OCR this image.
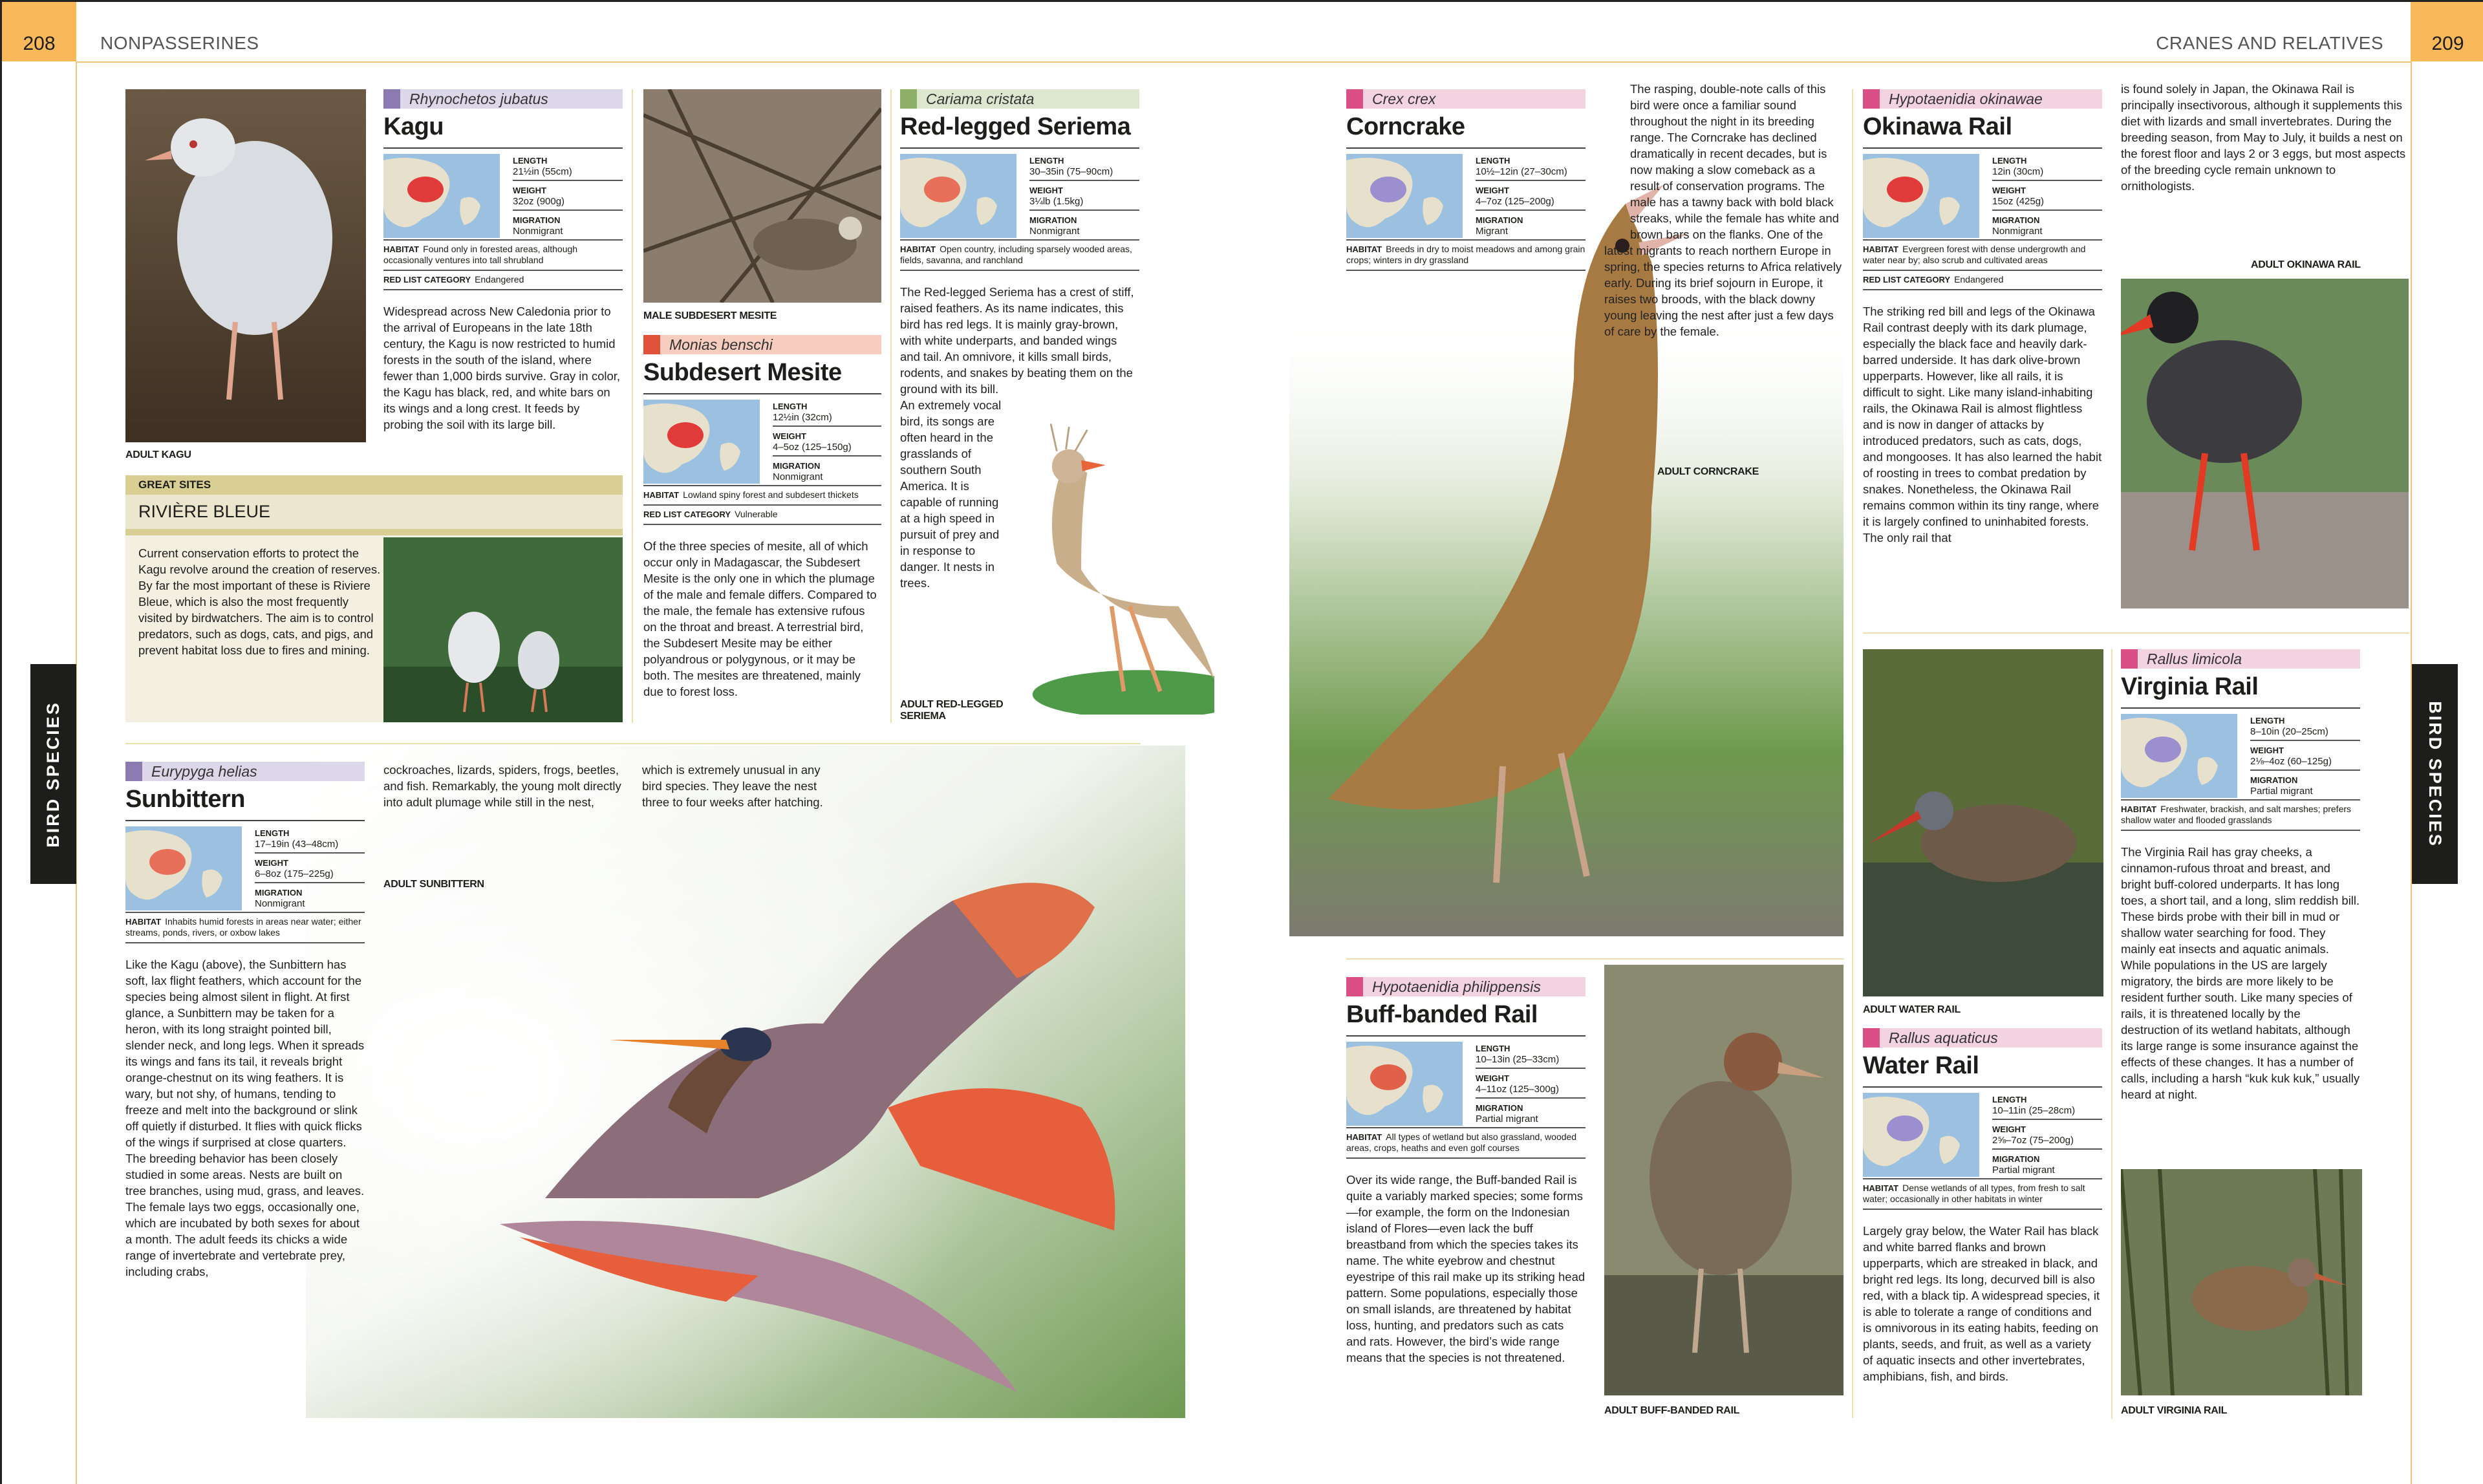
208	NONPASSERINES	209
CRANES AND RELATIVES
BIRD SPECIES	BIRD SPECIES
ADULT KAGU
MALE SUBDESERT MESITE
ADULT RED-LEGGED SERIEMA
GREAT SITES
RIVIÈRE BLEUE
Current conservation efforts to protect the Kagu revolve around the creation of reserves. By far the most important of these is Riviere Bleue, which is also the most frequently visited by birdwatchers. The aim is to control predators, such as dogs, cats, and pigs, and prevent habitat loss due to fires and mining.
ADULT SUNBITTERN
cockroaches, lizards, spiders, frogs, beetles, and fish. Remarkably, the young molt directly into adult plumage while still in the nest,
which is extremely unusual in any bird species. They leave the nest three to four weeks after hatching.
ADULT CORNCRAKE
The rasping, double-note calls of this bird were once a familiar sound throughout the night in its breeding range. The Corncrake has declined dramatically in recent decades, but is now making a slow comeback as a result of conservation programs. The male has a tawny back with bold black streaks, while the female has white and brown bars on the flanks. One of the latest migrants to reach northern Europe in spring, the species returns to Africa relatively early. During its brief sojourn in Europe, it raises two broods, with the black downy young leaving the nest after just a few days of care by the female.
ADULT OKINAWA RAIL
is found solely in Japan, the Okinawa Rail is principally insectivorous, although it supplements this diet with lizards and small invertebrates. During the breeding season, from May to July, it builds a nest on the forest floor and lays 2 or 3 eggs, but most aspects of the breeding cycle remain unknown to ornithologists.
ADULT WATER RAIL
ADULT BUFF-BANDED RAIL	ADULT VIRGINIA RAIL
Rhynochetos jubatus
Kagu
LENGTH
21½in (55cm)
WEIGHT
32oz (900g)
MIGRATION
Nonmigrant
HABITAT Found only in forested areas, although occasionally ventures into tall shrubland
RED LIST CATEGORY Endangered
Widespread across New Caledonia prior to the arrival of Europeans in the late 18th century, the Kagu is now restricted to humid forests in the south of the island, where fewer than 1,000 birds survive. Gray in color, the Kagu has black, red, and white bars on its wings and a long crest. It feeds by probing the soil with its large bill.
Monias benschi
Subdesert Mesite
LENGTH
12½in (32cm)
WEIGHT
4–5oz (125–150g)
MIGRATION
Nonmigrant
HABITAT Lowland spiny forest and subdesert thickets
RED LIST CATEGORY Vulnerable
Of the three species of mesite, all of which occur only in Madagascar, the Subdesert Mesite is the only one in which the plumage of the male and female differs. Compared to the male, the female has extensive rufous on the throat and breast. A terrestrial bird, the Subdesert Mesite may be either polyandrous or polygynous, or it may be both. The mesites are threatened, mainly due to forest loss.
Cariama cristata
Red-legged Seriema
LENGTH
30–35in (75–90cm)
WEIGHT
3¼lb (1.5kg)
MIGRATION
Nonmigrant
HABITAT Open country, including sparsely wooded areas, fields, savanna, and ranchland
The Red-legged Seriema has a crest of stiff, raised feathers. As its name indicates, this bird has red legs. It is mainly gray-brown, with white underparts, and banded wings and tail. An omnivore, it kills small birds, rodents, and snakes by beating them on the ground with its bill. An extremely vocal bird, its songs are often heard in the grasslands of southern South America. It is capable of running at a high speed in pursuit of prey and in response to danger. It nests in trees.
Eurypyga helias
Sunbittern
LENGTH
17–19in (43–48cm)
WEIGHT
6–8oz (175–225g)
MIGRATION
Nonmigrant
HABITAT Inhabits humid forests in areas near water; either streams, ponds, rivers, or oxbow lakes
Like the Kagu (above), the Sunbittern has soft, lax flight feathers, which account for the species being almost silent in flight. At first glance, a Sunbittern may be taken for a heron, with its long straight pointed bill, slender neck, and long legs. When it spreads its wings and fans its tail, it reveals bright orange-chestnut on its wing feathers. It is wary, but not shy, of humans, tending to freeze and melt into the background or slink off quietly if disturbed. It flies with quick flicks of the wings if surprised at close quarters. The breeding behavior has been closely studied in some areas. Nests are built on tree branches, using mud, grass, and leaves. The female lays two eggs, occasionally one, which are incubated by both sexes for about a month. The adult feeds its chicks a wide range of invertebrate and vertebrate prey, including crabs,
Crex crex
Corncrake
LENGTH
10½–12in (27–30cm)
WEIGHT
4–7oz (125–200g)
MIGRATION
Migrant
HABITAT Breeds in dry to moist meadows and among grain crops; winters in dry grassland
Hypotaenidia okinawae
Okinawa Rail
LENGTH
12in (30cm)
WEIGHT
15oz (425g)
MIGRATION
Nonmigrant
HABITAT Evergreen forest with dense undergrowth and water near by; also scrub and cultivated areas
RED LIST CATEGORY Endangered
The striking red bill and legs of the Okinawa Rail contrast deeply with its dark plumage, especially the black face and heavily dark-barred underside. It has dark olive-brown upperparts. However, like all rails, it is difficult to sight. Like many island-inhabiting rails, the Okinawa Rail is almost flightless and is now in danger of attacks by introduced predators, such as cats, dogs, and mongooses. It has also learned the habit of roosting in trees to combat predation by snakes. Nonetheless, the Okinawa Rail remains common within its tiny range, where it is largely confined to uninhabited forests. The only rail that
Hypotaenidia philippensis
Buff-banded Rail
LENGTH
10–13in (25–33cm)
WEIGHT
4–11oz (125–300g)
MIGRATION
Partial migrant
HABITAT All types of wetland but also grassland, wooded areas, crops, heaths and even golf courses
Over its wide range, the Buff-banded Rail is quite a variably marked species; some forms—for example, the form on the Indonesian island of Flores—even lack the buff breastband from which the species takes its name. The white eyebrow and chestnut eyestripe of this rail make up its striking head pattern. Some populations, especially those on small islands, are threatened by habitat loss, hunting, and predators such as cats and rats. However, the bird’s wide range means that the species is not threatened.
Rallus aquaticus
Water Rail
LENGTH
10–11in (25–28cm)
WEIGHT
2⅝–7oz (75–200g)
MIGRATION
Partial migrant
HABITAT Dense wetlands of all types, from fresh to salt water; occasionally in other habitats in winter
Largely gray below, the Water Rail has black and white barred flanks and brown upperparts, which are streaked in black, and bright red legs. Its long, decurved bill is also red, with a black tip. A widespread species, it is able to tolerate a range of conditions and is omnivorous in its eating habits, feeding on plants, seeds, and fruit, as well as a variety of aquatic insects and other invertebrates, amphibians, fish, and birds.
Rallus limicola
Virginia Rail
LENGTH
8–10in (20–25cm)
WEIGHT
2⅛–4oz (60–125g)
MIGRATION
Partial migrant
HABITAT Freshwater, brackish, and salt marshes; prefers shallow water and flooded grasslands
The Virginia Rail has gray cheeks, a cinnamon-rufous throat and breast, and bright buff-colored underparts. It has long toes, a short tail, and a long, slim reddish bill. These birds probe with their bill in mud or shallow water searching for food. They mainly eat insects and aquatic animals. While populations in the US are largely migratory, the birds are more likely to be resident further south. Like many species of rails, it is threatened locally by the destruction of its wetland habitats, although its large range is some insurance against the effects of these changes. It has a number of calls, including a harsh “kuk kuk kuk,” usually heard at night.
